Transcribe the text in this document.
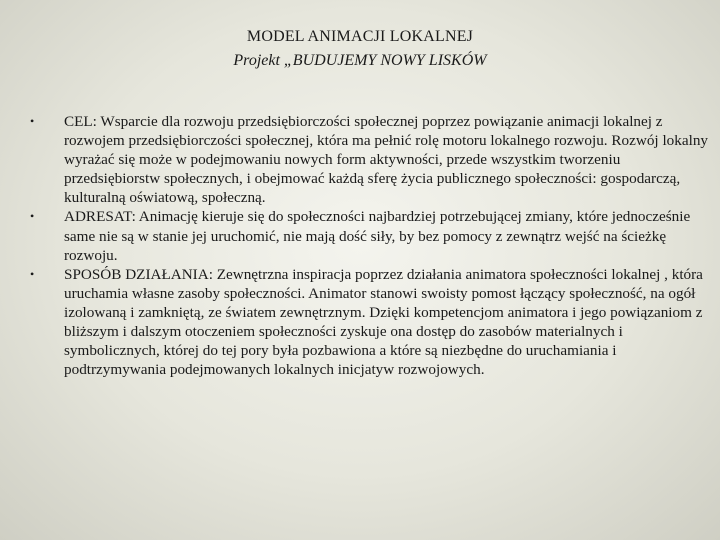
MODEL ANIMACJI LOKALNEJ
Projekt „BUDUJEMY NOWY LISKÓW
•	CEL: Wsparcie dla rozwoju przedsiębiorczości społecznej poprzez powiązanie animacji lokalnej z rozwojem przedsiębiorczości społecznej, która ma pełnić rolę motoru lokalnego rozwoju. Rozwój lokalny wyrażać się może w podejmowaniu nowych form aktywności, przede wszystkim tworzeniu przedsiębiorstw społecznych, i obejmować każdą sferę życia publicznego społeczności: gospodarczą, kulturalną oświatową, społeczną.
•	ADRESAT: Animację kieruje się do społeczności najbardziej potrzebującej zmiany, które jednocześnie same nie są w stanie jej uruchomić, nie mają dość siły, by bez pomocy z zewnątrz wejść na ścieżkę rozwoju.
•	SPOSÓB DZIAŁANIA: Zewnętrzna inspiracja poprzez działania animatora społeczności lokalnej , która uruchamia własne zasoby społeczności. Animator stanowi swoisty pomost łączący społeczność, na ogół izolowaną i zamkniętą, ze światem zewnętrznym. Dzięki kompetencjom animatora i jego powiązaniom z bliższym i dalszym otoczeniem społeczności zyskuje ona dostęp do zasobów materialnych i symbolicznych, której do tej pory była pozbawiona a które są niezbędne do uruchamiania i podtrzymywania podejmowanych lokalnych inicjatyw rozwojowych.
